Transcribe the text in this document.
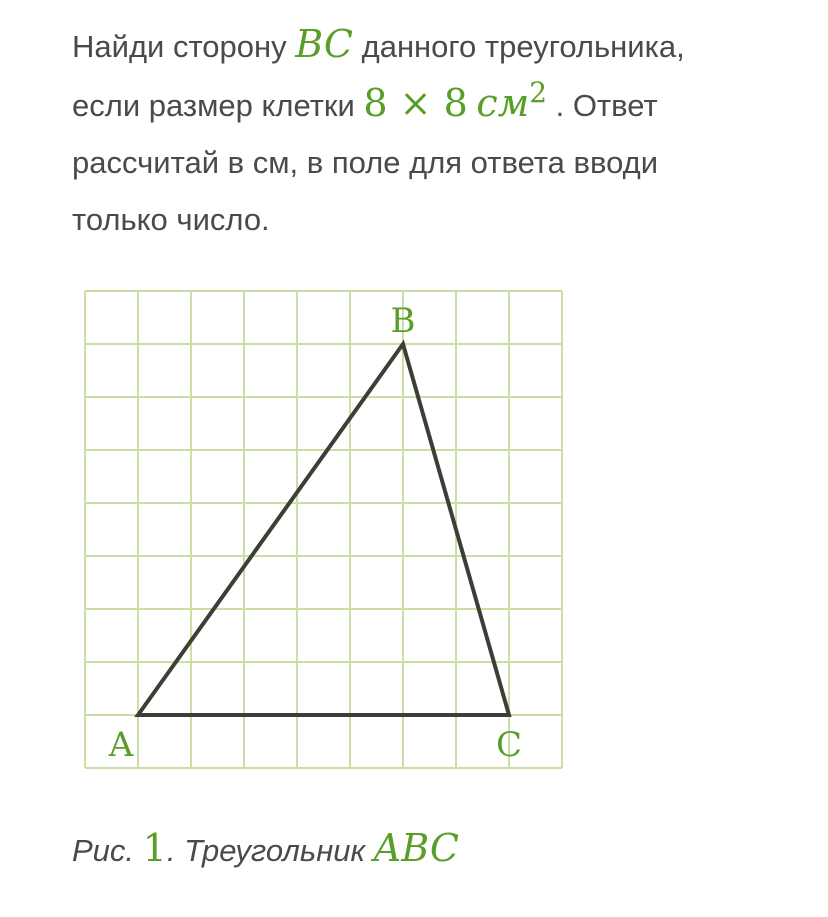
Найди сторону BC данного треугольника,
если размер клетки 8 × 8 $см^2$ . Ответ
рассчитай в см, в поле для ответа вводи
только число.
A
B
C
Рис. 1. Треугольник ABC
